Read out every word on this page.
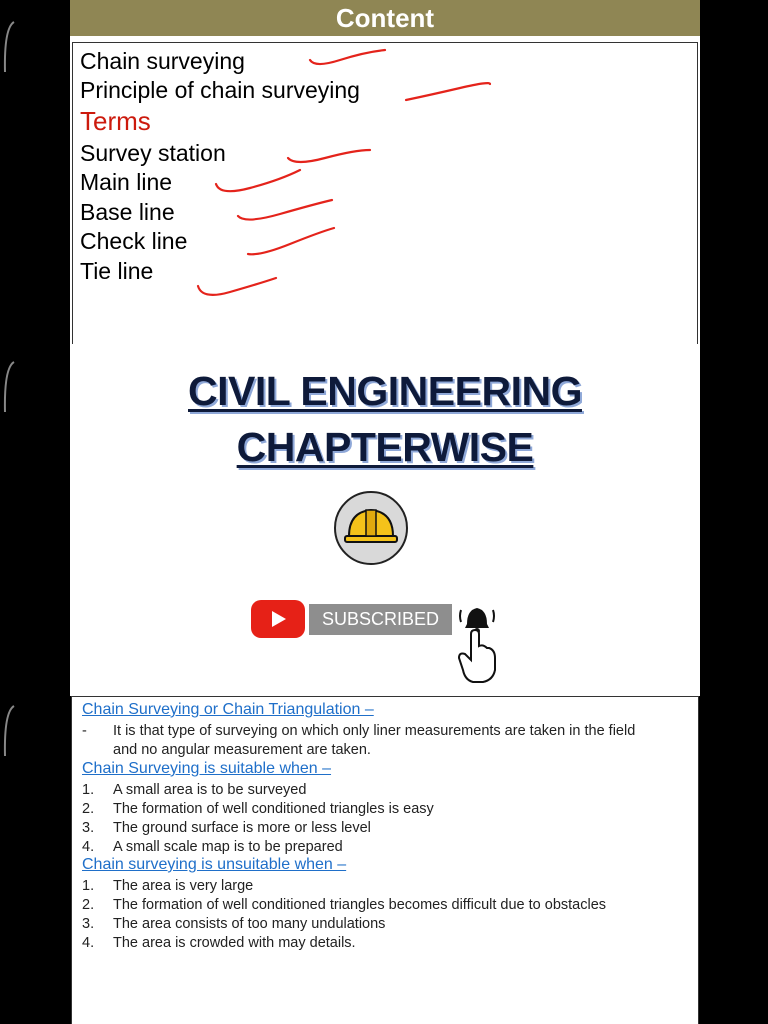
Content
Chain surveying
Principle of chain surveying
Terms
Survey station
Main line
Base line
Check line
Tie line
CIVIL ENGINEERING
CHAPTERWISE
SUBSCRIBED
Chain Surveying or Chain Triangulation –
- It is that type of surveying on which only liner measurements are taken in the field
and no angular measurement are taken.
Chain Surveying is suitable when –
1. A small area is to be surveyed
2. The formation of well conditioned triangles is easy
3. The ground surface is more or less level
4. A small scale map is to be prepared
Chain surveying is unsuitable when –
1. The area is very large
2. The formation of well conditioned triangles becomes difficult due to obstacles
3. The area consists of too many undulations
4. The area is crowded with may details.
